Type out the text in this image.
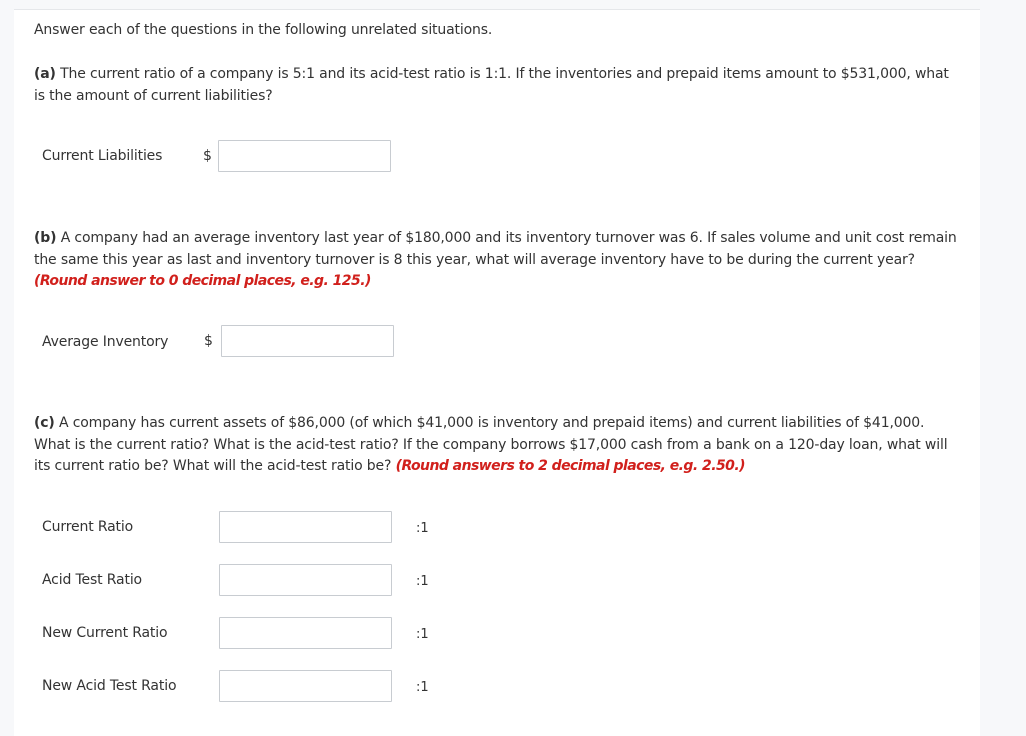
Answer each of the questions in the following unrelated situations.
(a) The current ratio of a company is 5:1 and its acid-test ratio is 1:1. If the inventories and prepaid items amount to $531,000, what is the amount of current liabilities?
Current Liabilities	$
(b) A company had an average inventory last year of $180,000 and its inventory turnover was 6. If sales volume and unit cost remain the same this year as last and inventory turnover is 8 this year, what will average inventory have to be during the current year? (Round answer to 0 decimal places, e.g. 125.)
Average Inventory	$
(c) A company has current assets of $86,000 (of which $41,000 is inventory and prepaid items) and current liabilities of $41,000. What is the current ratio? What is the acid-test ratio? If the company borrows $17,000 cash from a bank on a 120-day loan, what will its current ratio be? What will the acid-test ratio be? (Round answers to 2 decimal places, e.g. 2.50.)
Current Ratio	:1
Acid Test Ratio	:1
New Current Ratio	:1
New Acid Test Ratio	:1
